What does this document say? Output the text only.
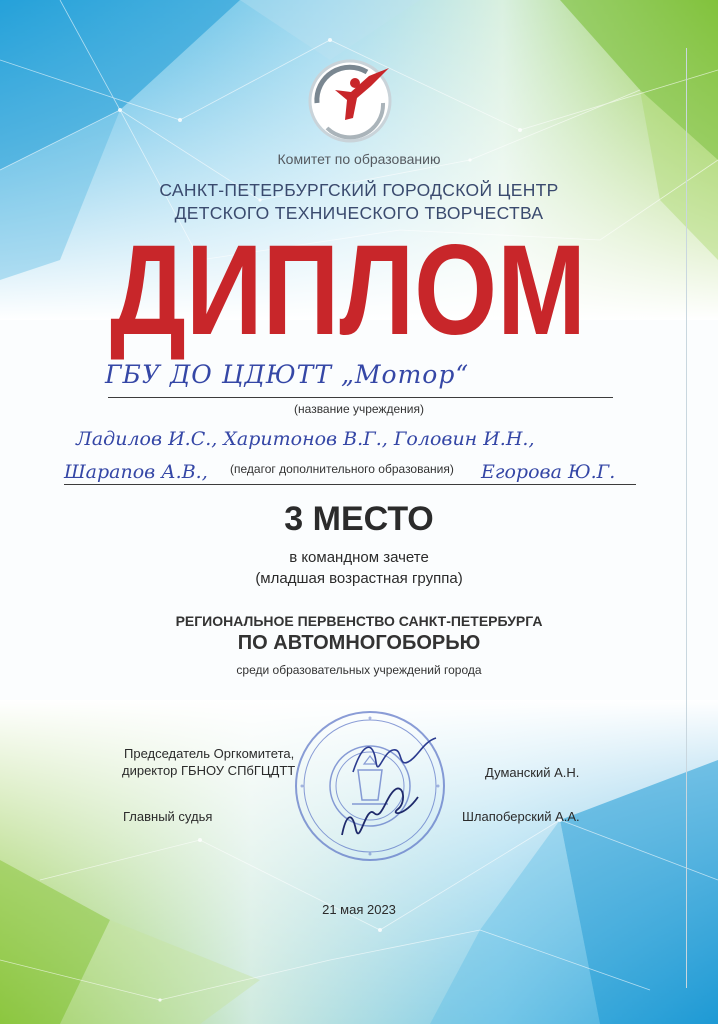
Комитет по образованию
САНКТ-ПЕТЕРБУРГСКИЙ ГОРОДСКОЙ ЦЕНТР
ДЕТСКОГО ТЕХНИЧЕСКОГО ТВОРЧЕСТВА
ДИПЛОМ
ГБУ ДО ЦДЮТТ „Мотор“
(название учреждения)
Ладилов И.С., Харитонов В.Г., Головин И.Н.,
Шарапов А.В.,	Егорова Ю.Г.
(педагог дополнительного образования)
3 МЕСТО
в командном зачете
(младшая возрастная группа)
РЕГИОНАЛЬНОЕ ПЕРВЕНСТВО САНКТ-ПЕТЕРБУРГА
ПО АВТОМНОГОБОРЬЮ
среди образовательных учреждений города
Председатель Оргкомитета,
директор ГБНОУ СПбГЦДТТ	Думанский А.Н.
Главный судья	Шлапоберский А.А.
21 мая 2023
